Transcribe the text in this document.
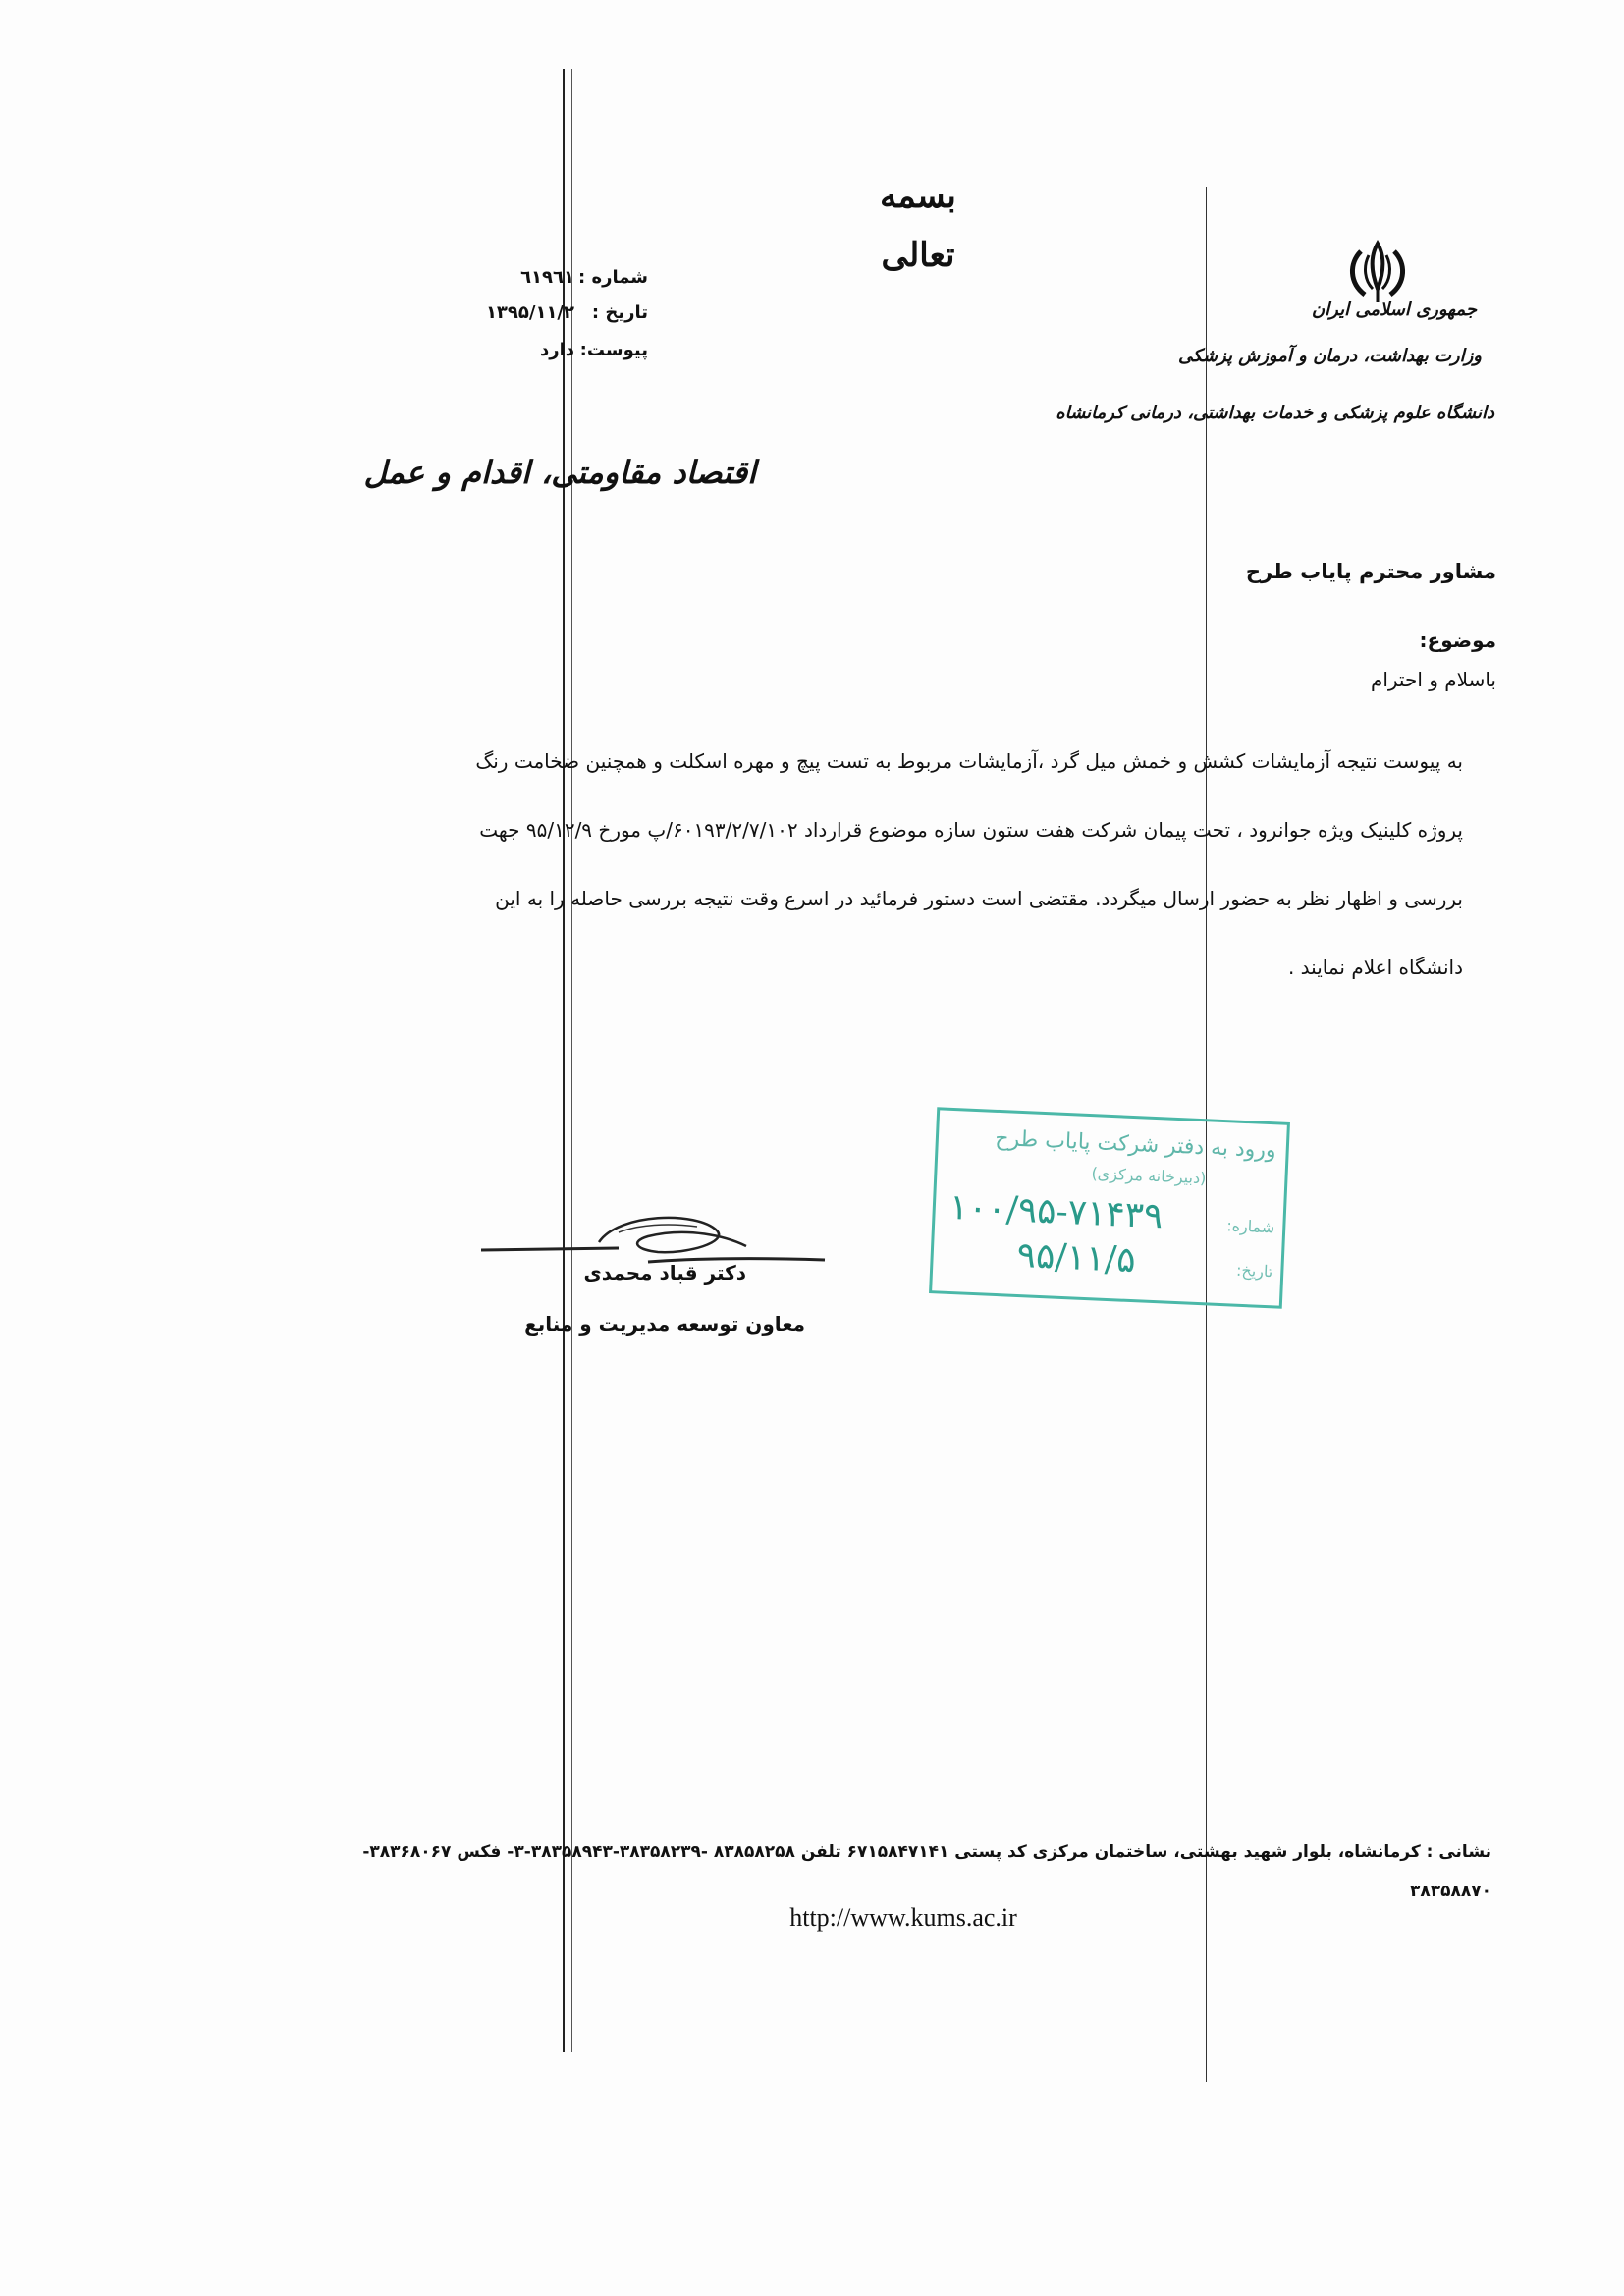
بسمه تعالی
جمهوری اسلامی ایران
وزارت بهداشت، درمان و آموزش پزشکی
دانشگاه علوم پزشکی و خدمات بهداشتی، درمانی کرمانشاه
شماره :
٦١٩٦١
تاریخ :
۱۳۹۵/۱۱/۲
پیوست:
دارد
اقتصاد مقاومتی، اقدام و عمل
مشاور محترم پایاب طرح
موضوع:
باسلام و احترام
به پیوست نتیجه آزمایشات کشش و خمش میل گرد ،آزمایشات مربوط به تست پیچ و مهره اسکلت و همچنین ضخامت رنگ
پروژه کلینیک ویژه جوانرود ، تحت پیمان شرکت هفت ستون سازه موضوع قرارداد ۶۰۱۹۳/۲/۷/۱۰۲/پ مورخ ۹۵/۱۲/۹ جهت
بررسی و اظهار نظر به حضور ارسال میگردد. مقتضی است دستور فرمائید در اسرع وقت نتیجه بررسی حاصله را به این
دانشگاه اعلام نمایند .
دکتر قباد محمدی
معاون توسعه مدیریت و منابع
ورود به دفتر شرکت پایاب طرح
(دبیرخانه مرکزی)
شماره:
تاریخ:
۱۰۰/۹۵-۷۱۴۳۹
۹۵/۱۱/۵
نشانی : کرمانشاه، بلوار شهید بهشتی، ساختمان مرکزی کد پستی ۶۷۱۵۸۴۷۱۴۱ تلفن ۸۳۸۵۸۲۵۸ -۳۸۳۵۸۲۳۹-۳۸۳۵۸۹۴۳-۳- فکس ۳۸۳۶۸۰۶۷-
۳۸۳۵۸۸۷۰
http://www.kums.ac.ir
